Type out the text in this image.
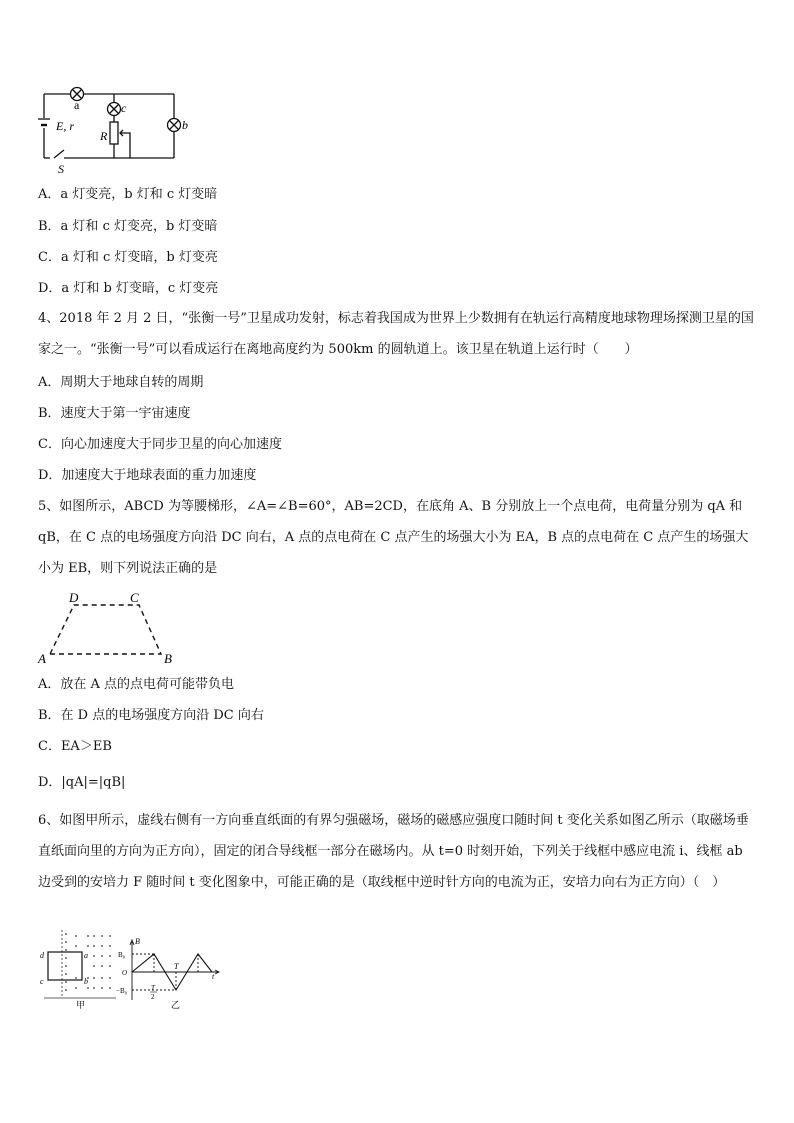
E, r
a	c
b
R
S
A．a 灯变亮，b 灯和 c 灯变暗
B．a 灯和 c 灯变亮，b 灯变暗
C．a 灯和 c 灯变暗，b 灯变亮
D．a 灯和 b 灯变暗，c 灯变亮
4、2018 年 2 月 2 日，“张衡一号”卫星成功发射，标志着我国成为世界上少数拥有在轨运行高精度地球物理场探测卫星的国家之一。“张衡一号”可以看成运行在离地高度约为 500km 的圆轨道上。该卫星在轨道上运行时（　　）
A．周期大于地球自转的周期
B．速度大于第一宇宙速度
C．向心加速度大于同步卫星的向心加速度
D．加速度大于地球表面的重力加速度
5、如图所示，ABCD 为等腰梯形，∠A=∠B=60°，AB=2CD，在底角 A、B 分别放上一个点电荷，电荷量分别为 qA 和 qB，在 C 点的电场强度方向沿 DC 向右，A 点的点电荷在 C 点产生的场强大小为 EA，B 点的点电荷在 C 点产生的场强大小为 EB，则下列说法正确的是
A	B
C
D
A．放在 A 点的点电荷可能带负电
B．在 D 点的电场强度方向沿 DC 向右
C．EA＞EB
D．|qA|=|qB|
6、如图甲所示，虚线右侧有一方向垂直纸面的有界匀强磁场，磁场的磁感应强度口随时间 t 变化关系如图乙所示（取磁场垂直纸面向里的方向为正方向），固定的闭合导线框一部分在磁场内。从 t=0 时刻开始，下列关于线框中感应电流 i、线框 ab 边受到的安培力 F 随时间 t 变化图象中，可能正确的是（取线框中逆时针方向的电流为正，安培力向右为正方向）（　）
d
c
a
b
甲
B
B₀
O
−B₀	T
2
T
t
乙
